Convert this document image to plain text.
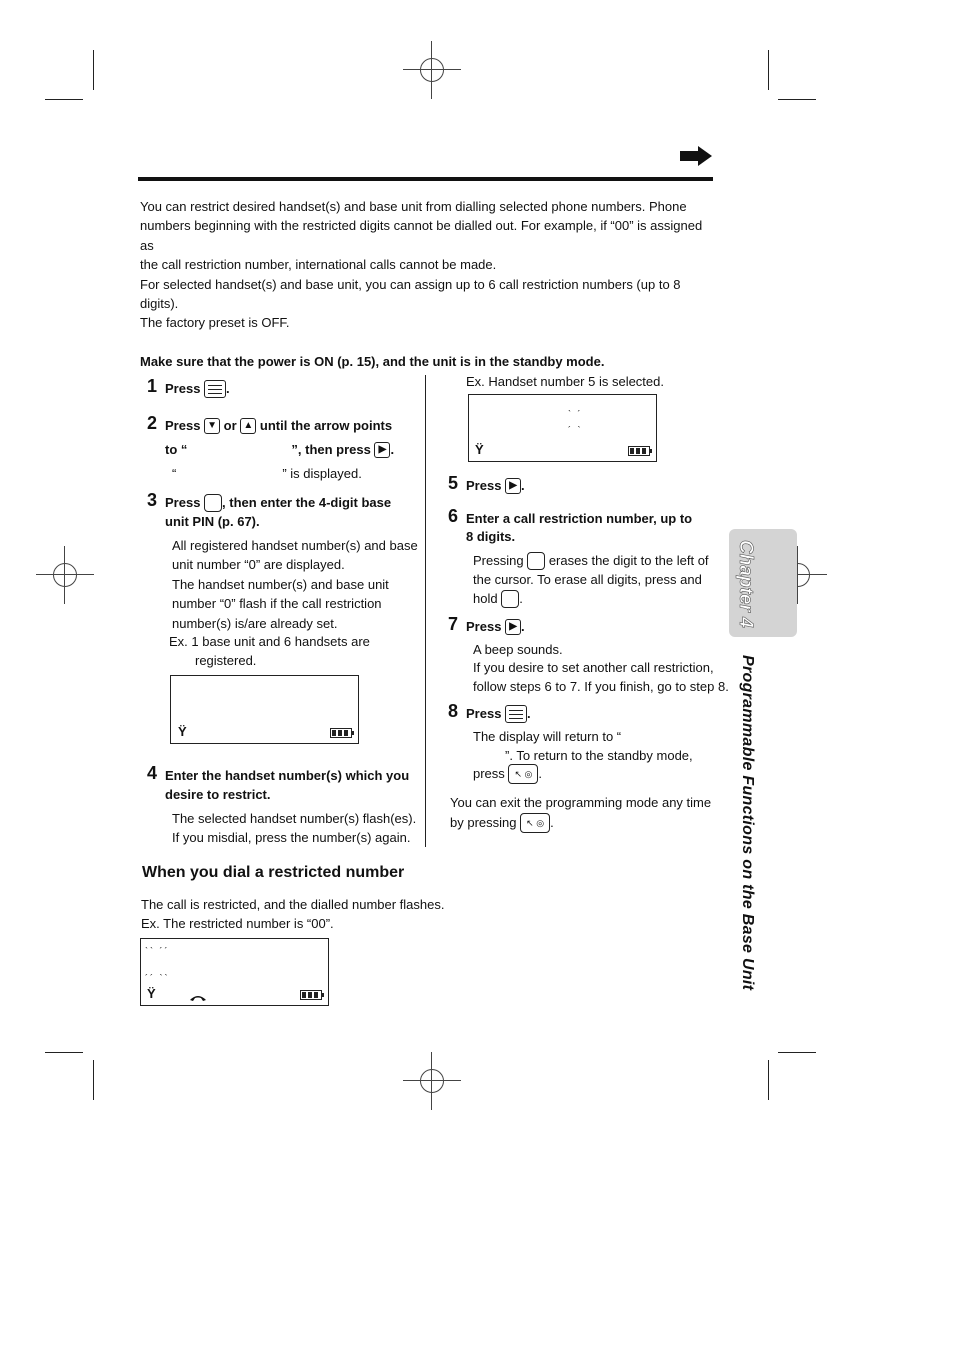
You can restrict desired handset(s) and base unit from dialling selected phone numbers. Phone
numbers beginning with the restricted digits cannot be dialled out. For example, if “00” is assigned as
the call restriction number, international calls cannot be made.
For selected handset(s) and base unit, you can assign up to 6 call restriction numbers (up to 8 digits).
The factory preset is OFF.
Make sure that the power is ON (p. 15), and the unit is in the standby mode.
1 Press .
2 Press ▼ or ▲ until the arrow points
to “	”, then press ▶ .
“	” is displayed.
3 Press , then enter the 4-digit base
unit PIN (p. 67).
All registered handset number(s) and base
unit number “0” are displayed.
The handset number(s) and base unit
number “0” flash if the call restriction
number(s) is/are already set.
Ex. 1 base unit and 6 handsets are
registered.
Ÿ
4 Enter the handset number(s) which you
desire to restrict.
The selected handset number(s) flash(es).
If you misdial, press the number(s) again.
When you dial a restricted number
The call is restricted, and the dialled number flashes.
Ex. The restricted number is “00”.
`` ´´
´´ ``
Ÿ
Ex. Handset number 5 is selected.
` ´
´ `
Ÿ
5 Press ▶ .
6 Enter a call restriction number, up to
8 digits.
Pressing erases the digit to the left of
the cursor. To erase all digits, press and
hold .
7 Press ▶ .
A beep sounds.
If you desire to set another call restriction,
follow steps 6 to 7. If you finish, go to step 8.
8 Press .
The display will return to “
”. To return to the standby mode,
press ↖ ◎ .
You can exit the programming mode any time
by pressing ↖ ◎ .
Chapter 4
Programmable Functions on the Base Unit
